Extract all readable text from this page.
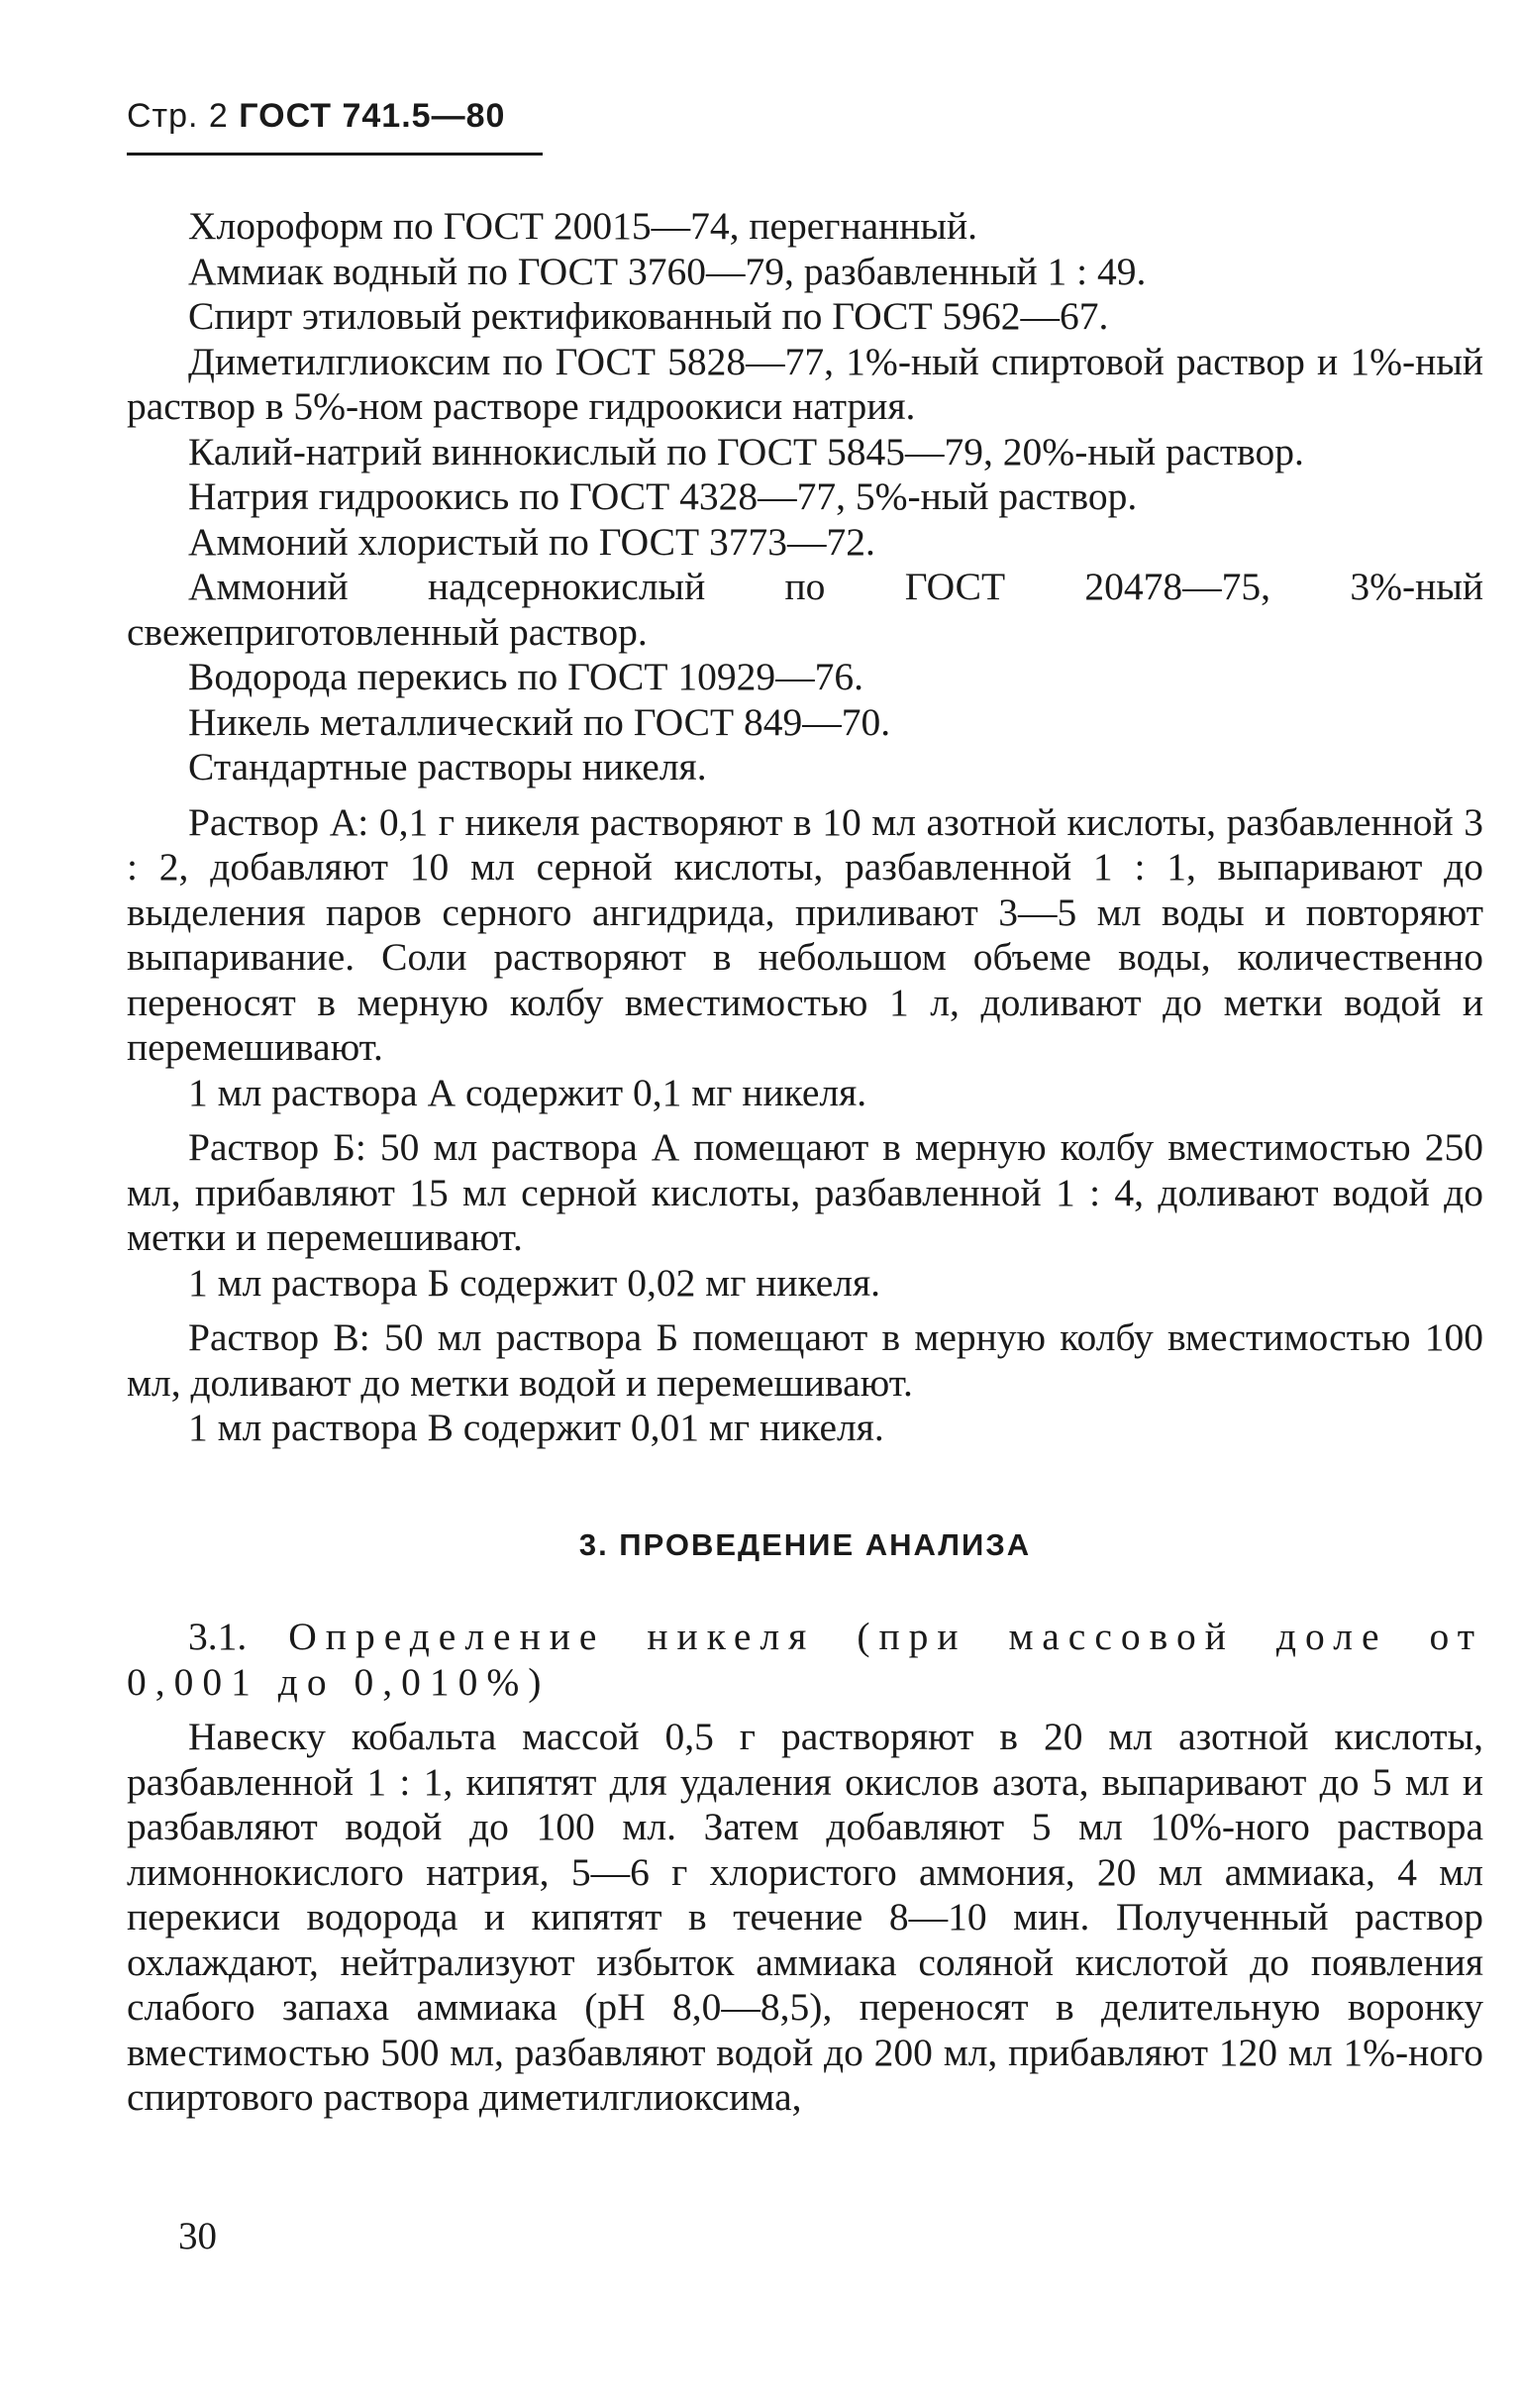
Стр. 2 ГОСТ 741.5—80

Хлороформ по ГОСТ 20015—74, перегнанный.

Аммиак водный по ГОСТ 3760—79, разбавленный 1 : 49.

Спирт этиловый ректификованный по ГОСТ 5962—67.

Диметилглиоксим по ГОСТ 5828—77, 1%-ный спиртовой раствор и 1%-ный раствор в 5%-ном растворе гидроокиси натрия.

Калий-натрий виннокислый по ГОСТ 5845—79, 20%-ный раствор.

Натрия гидроокись по ГОСТ 4328—77, 5%-ный раствор.

Аммоний хлористый по ГОСТ 3773—72.

Аммоний надсернокислый по ГОСТ 20478—75, 3%-ный свежеприготовленный раствор.

Водорода перекись по ГОСТ 10929—76.

Никель металлический по ГОСТ 849—70.

Стандартные растворы никеля.

Раствор А: 0,1 г никеля растворяют в 10 мл азотной кислоты, разбавленной 3 : 2, добавляют 10 мл серной кислоты, разбавленной 1 : 1, выпаривают до выделения паров серного ангидрида, приливают 3—5 мл воды и повторяют выпаривание. Соли растворяют в небольшом объеме воды, количественно переносят в мерную колбу вместимостью 1 л, доливают до метки водой и перемешивают.

1 мл раствора А содержит 0,1 мг никеля.

Раствор Б: 50 мл раствора А помещают в мерную колбу вместимостью 250 мл, прибавляют 15 мл серной кислоты, разбавленной 1 : 4, доливают водой до метки и перемешивают.

1 мл раствора Б содержит 0,02 мг никеля.

Раствор В: 50 мл раствора Б помещают в мерную колбу вместимостью 100 мл, доливают до метки водой и перемешивают.

1 мл раствора В содержит 0,01 мг никеля.

3. ПРОВЕДЕНИЕ АНАЛИЗА

3.1. Определение никеля (при массовой доле от 0,001 до 0,010%)

Навеску кобальта массой 0,5 г растворяют в 20 мл азотной кислоты, разбавленной 1 : 1, кипятят для удаления окислов азота, выпаривают до 5 мл и разбавляют водой до 100 мл. Затем добавляют 5 мл 10%-ного раствора лимоннокислого натрия, 5—6 г хлористого аммония, 20 мл аммиака, 4 мл перекиси водорода и кипятят в течение 8—10 мин. Полученный раствор охлаждают, нейтрализуют избыток аммиака соляной кислотой до появления слабого запаха аммиака (рН 8,0—8,5), переносят в делительную воронку вместимостью 500 мл, разбавляют водой до 200 мл, прибавляют 120 мл 1%-ного спиртового раствора диметилглиоксима,

30
